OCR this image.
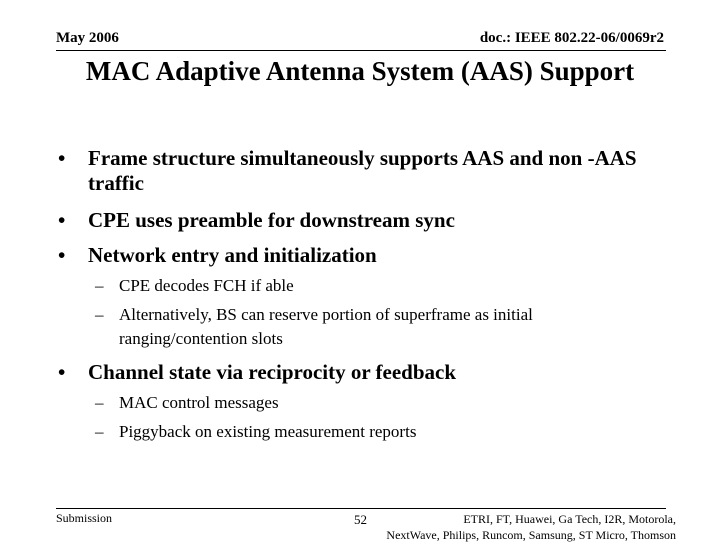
May 2006	doc.: IEEE 802.22-06/0069r2
MAC Adaptive Antenna System (AAS) Support
• Frame structure simultaneously supports AAS and non -AAS traffic
• CPE uses preamble for downstream sync
• Network entry and initialization
– CPE decodes FCH if able
– Alternatively, BS can reserve portion of superframe as initial ranging/contention slots
• Channel state via reciprocity or feedback
– MAC control messages
– Piggyback on existing measurement reports
Submission	52	ETRI, FT, Huawei, Ga Tech, I2R, Motorola,
NextWave, Philips, Runcom, Samsung, ST Micro, Thomson
